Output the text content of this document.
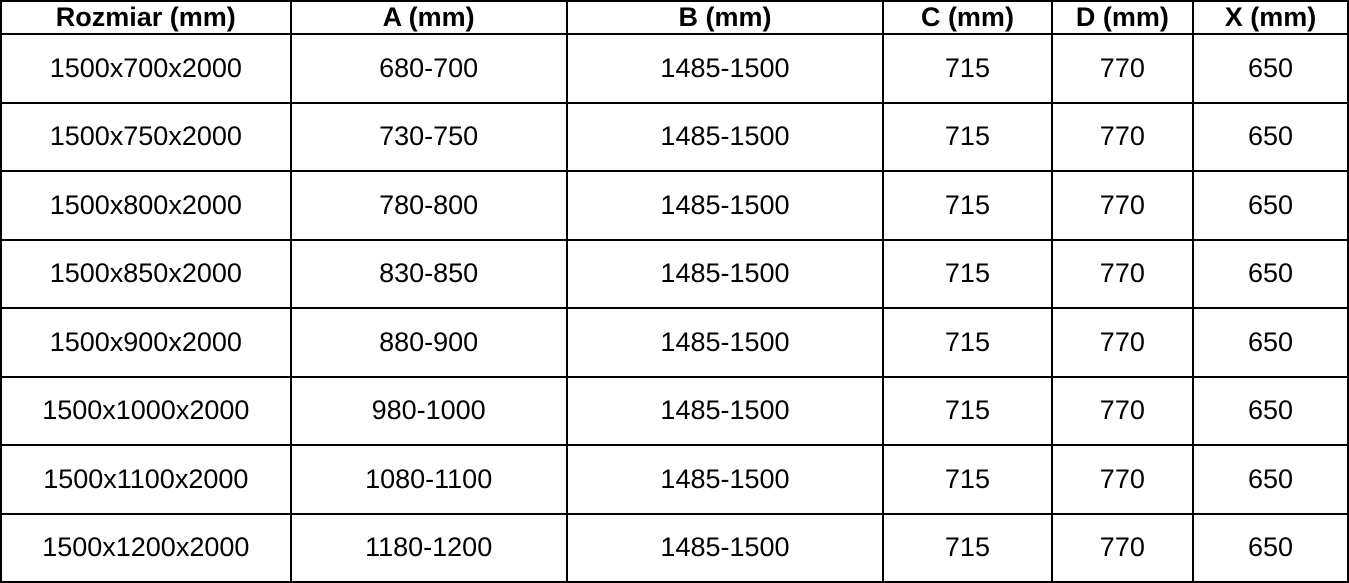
Rozmiar (mm)	A (mm)	B (mm)	C (mm)	D (mm)	X (mm)
1500x700x2000	680-700	1485-1500	715	770	650
1500x750x2000	730-750	1485-1500	715	770	650
1500x800x2000	780-800	1485-1500	715	770	650
1500x850x2000	830-850	1485-1500	715	770	650
1500x900x2000	880-900	1485-1500	715	770	650
1500x1000x2000	980-1000	1485-1500	715	770	650
1500x1100x2000	1080-1100	1485-1500	715	770	650
1500x1200x2000	1180-1200	1485-1500	715	770	650
